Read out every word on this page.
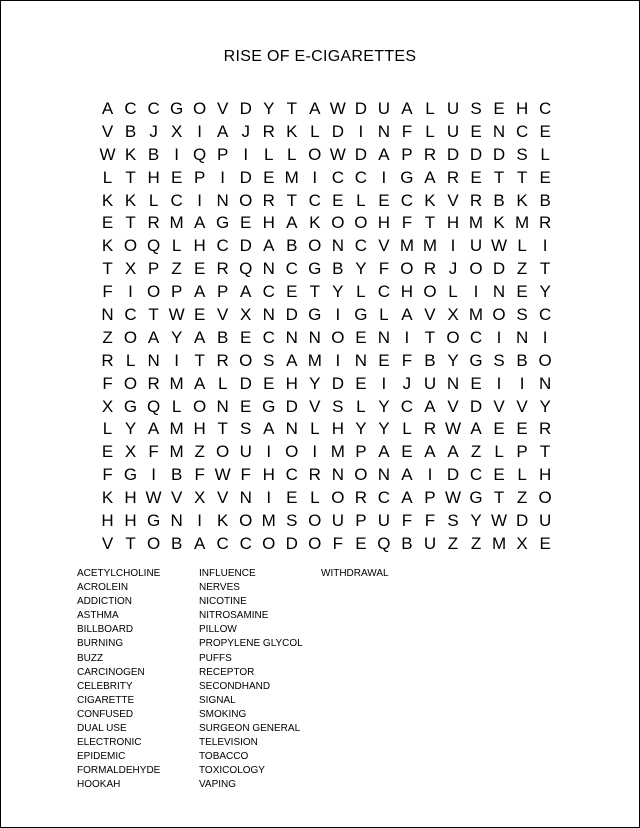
RISE OF E-CIGARETTES
A C C G O V D Y T A W D U A L U S E H C
V B J X I A J R K L D I N F L U E N C E
W K B I Q P I L L O W D A P R D D D S L
L T H E P I D E M I C C I G A R E T T E
K K L C I N O R T C E L E C K V R B K B
E T R M A G E H A K O O H F T H M K M R
K O Q L H C D A B O N C V M M I U W L I
T X P Z E R Q N C G B Y F O R J O D Z T
F I O P A P A C E T Y L C H O L I N E Y
N C T W E V X N D G I G L A V X M O S C
Z O A Y A B E C N N O E N I T O C I N I
R L N I T R O S A M I N E F B Y G S B O
F O R M A L D E H Y D E I J U N E I	I N
X G Q L O N E G D V S L Y C A V D V V Y
L Y A M H T S A N L H Y Y L R W A E E R
E X F M Z O U I O I M P A E A A Z L P T
F G I B F W F H C R N O N A I D C E L H
K H W V X V N I E L O R C A P W G T Z O
H H G N I K O M S O U P U F F S Y W D U
V T O B A C C O D O F E Q B U Z Z M X E
ACETYLCHOLINE
ACROLEIN
ADDICTION
ASTHMA
BILLBOARD
BURNING
BUZZ
CARCINOGEN
CELEBRITY
CIGARETTE
CONFUSED
DUAL USE
ELECTRONIC
EPIDEMIC
FORMALDEHYDE
HOOKAH
INFLUENCE
NERVES
NICOTINE
NITROSAMINE
PILLOW
PROPYLENE GLYCOL
PUFFS
RECEPTOR
SECONDHAND
SIGNAL
SMOKING
SURGEON GENERAL
TELEVISION
TOBACCO
TOXICOLOGY
VAPING
WITHDRAWAL
